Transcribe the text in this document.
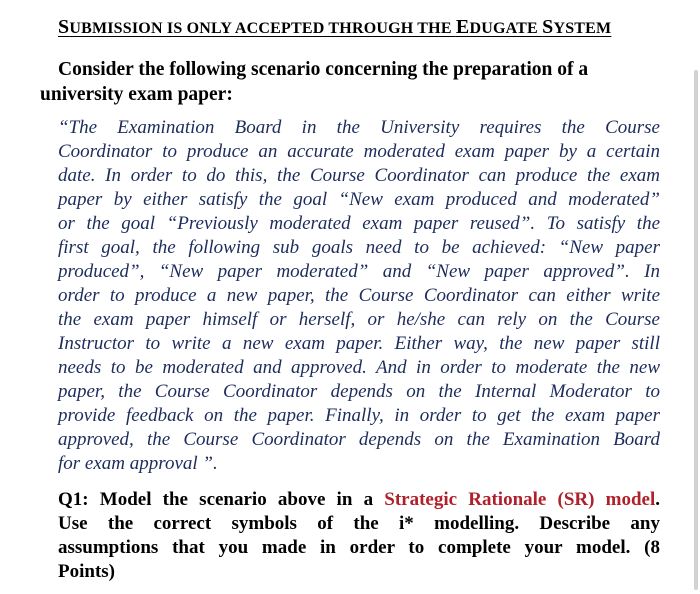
SUBMISSION IS ONLY ACCEPTED THROUGH THE EDUGATE SYSTEM
Consider the following scenario concerning the preparation of a
university exam paper:
“The Examination Board in the University requires the Course
Coordinator to produce an accurate moderated exam paper by a certain
date. In order to do this, the Course Coordinator can produce the exam
paper by either satisfy the goal “New exam produced and moderated”
or the goal “Previously moderated exam paper reused”. To satisfy the
first goal, the following sub goals need to be achieved: “New paper
produced”, “New paper moderated” and “New paper approved”. In
order to produce a new paper, the Course Coordinator can either write
the exam paper himself or herself, or he/she can rely on the Course
Instructor to write a new exam paper. Either way, the new paper still
needs to be moderated and approved. And in order to moderate the new
paper, the Course Coordinator depends on the Internal Moderator to
provide feedback on the paper. Finally, in order to get the exam paper
approved, the Course Coordinator depends on the Examination Board
for exam approval ”.
Q1: Model the scenario above in a Strategic Rationale (SR) model.
Use the correct symbols of the i* modelling. Describe any
assumptions that you made in order to complete your model. (8
Points)
